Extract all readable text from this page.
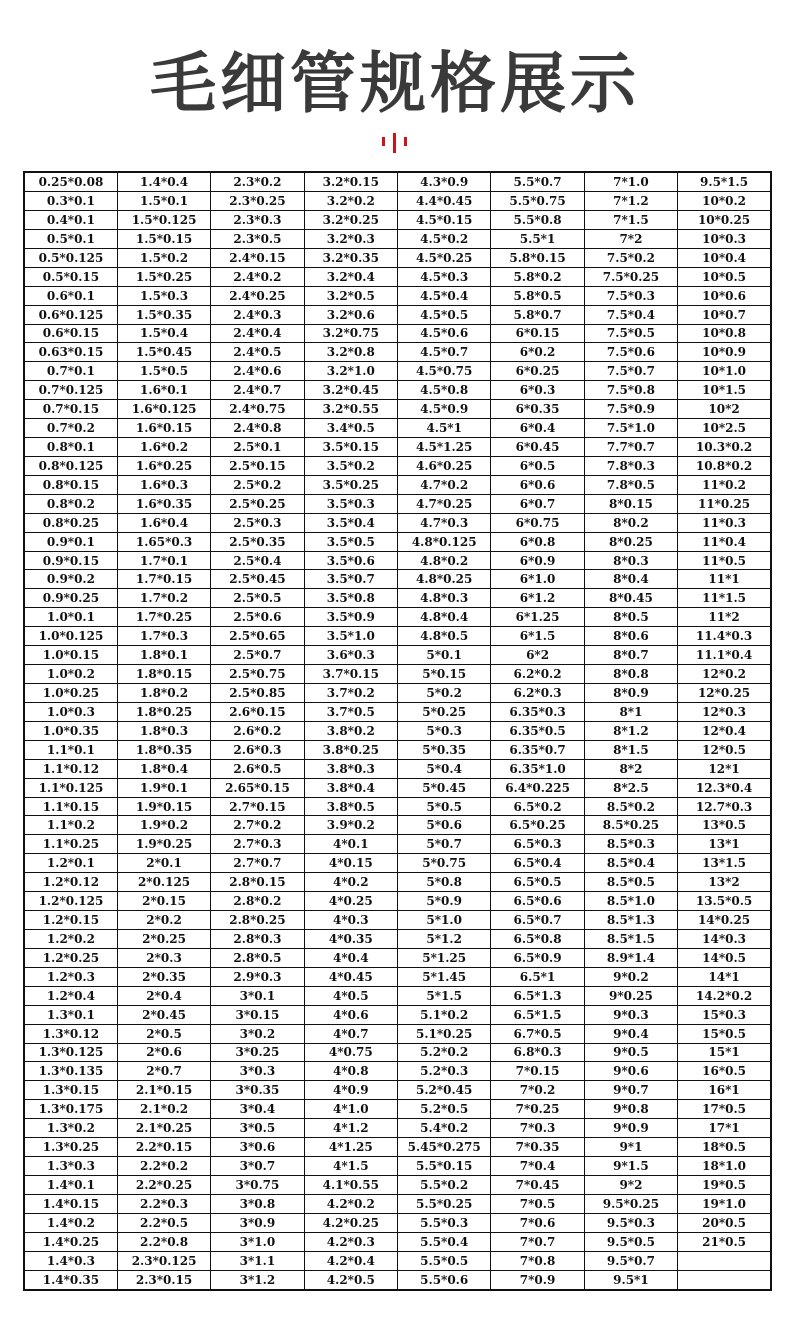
毛细管规格展示
0.25*0.08	1.4*0.4	2.3*0.2	3.2*0.15	4.3*0.9	5.5*0.7	7*1.0	9.5*1.5
0.3*0.1	1.5*0.1	2.3*0.25	3.2*0.2	4.4*0.45	5.5*0.75	7*1.2	10*0.2
0.4*0.1	1.5*0.125	2.3*0.3	3.2*0.25	4.5*0.15	5.5*0.8	7*1.5	10*0.25
0.5*0.1	1.5*0.15	2.3*0.5	3.2*0.3	4.5*0.2	5.5*1	7*2	10*0.3
0.5*0.125	1.5*0.2	2.4*0.15	3.2*0.35	4.5*0.25	5.8*0.15	7.5*0.2	10*0.4
0.5*0.15	1.5*0.25	2.4*0.2	3.2*0.4	4.5*0.3	5.8*0.2	7.5*0.25	10*0.5
0.6*0.1	1.5*0.3	2.4*0.25	3.2*0.5	4.5*0.4	5.8*0.5	7.5*0.3	10*0.6
0.6*0.125	1.5*0.35	2.4*0.3	3.2*0.6	4.5*0.5	5.8*0.7	7.5*0.4	10*0.7
0.6*0.15	1.5*0.4	2.4*0.4	3.2*0.75	4.5*0.6	6*0.15	7.5*0.5	10*0.8
0.63*0.15	1.5*0.45	2.4*0.5	3.2*0.8	4.5*0.7	6*0.2	7.5*0.6	10*0.9
0.7*0.1	1.5*0.5	2.4*0.6	3.2*1.0	4.5*0.75	6*0.25	7.5*0.7	10*1.0
0.7*0.125	1.6*0.1	2.4*0.7	3.2*0.45	4.5*0.8	6*0.3	7.5*0.8	10*1.5
0.7*0.15	1.6*0.125	2.4*0.75	3.2*0.55	4.5*0.9	6*0.35	7.5*0.9	10*2
0.7*0.2	1.6*0.15	2.4*0.8	3.4*0.5	4.5*1	6*0.4	7.5*1.0	10*2.5
0.8*0.1	1.6*0.2	2.5*0.1	3.5*0.15	4.5*1.25	6*0.45	7.7*0.7	10.3*0.2
0.8*0.125	1.6*0.25	2.5*0.15	3.5*0.2	4.6*0.25	6*0.5	7.8*0.3	10.8*0.2
0.8*0.15	1.6*0.3	2.5*0.2	3.5*0.25	4.7*0.2	6*0.6	7.8*0.5	11*0.2
0.8*0.2	1.6*0.35	2.5*0.25	3.5*0.3	4.7*0.25	6*0.7	8*0.15	11*0.25
0.8*0.25	1.6*0.4	2.5*0.3	3.5*0.4	4.7*0.3	6*0.75	8*0.2	11*0.3
0.9*0.1	1.65*0.3	2.5*0.35	3.5*0.5	4.8*0.125	6*0.8	8*0.25	11*0.4
0.9*0.15	1.7*0.1	2.5*0.4	3.5*0.6	4.8*0.2	6*0.9	8*0.3	11*0.5
0.9*0.2	1.7*0.15	2.5*0.45	3.5*0.7	4.8*0.25	6*1.0	8*0.4	11*1
0.9*0.25	1.7*0.2	2.5*0.5	3.5*0.8	4.8*0.3	6*1.2	8*0.45	11*1.5
1.0*0.1	1.7*0.25	2.5*0.6	3.5*0.9	4.8*0.4	6*1.25	8*0.5	11*2
1.0*0.125	1.7*0.3	2.5*0.65	3.5*1.0	4.8*0.5	6*1.5	8*0.6	11.4*0.3
1.0*0.15	1.8*0.1	2.5*0.7	3.6*0.3	5*0.1	6*2	8*0.7	11.1*0.4
1.0*0.2	1.8*0.15	2.5*0.75	3.7*0.15	5*0.15	6.2*0.2	8*0.8	12*0.2
1.0*0.25	1.8*0.2	2.5*0.85	3.7*0.2	5*0.2	6.2*0.3	8*0.9	12*0.25
1.0*0.3	1.8*0.25	2.6*0.15	3.7*0.5	5*0.25	6.35*0.3	8*1	12*0.3
1.0*0.35	1.8*0.3	2.6*0.2	3.8*0.2	5*0.3	6.35*0.5	8*1.2	12*0.4
1.1*0.1	1.8*0.35	2.6*0.3	3.8*0.25	5*0.35	6.35*0.7	8*1.5	12*0.5
1.1*0.12	1.8*0.4	2.6*0.5	3.8*0.3	5*0.4	6.35*1.0	8*2	12*1
1.1*0.125	1.9*0.1	2.65*0.15	3.8*0.4	5*0.45	6.4*0.225	8*2.5	12.3*0.4
1.1*0.15	1.9*0.15	2.7*0.15	3.8*0.5	5*0.5	6.5*0.2	8.5*0.2	12.7*0.3
1.1*0.2	1.9*0.2	2.7*0.2	3.9*0.2	5*0.6	6.5*0.25	8.5*0.25	13*0.5
1.1*0.25	1.9*0.25	2.7*0.3	4*0.1	5*0.7	6.5*0.3	8.5*0.3	13*1
1.2*0.1	2*0.1	2.7*0.7	4*0.15	5*0.75	6.5*0.4	8.5*0.4	13*1.5
1.2*0.12	2*0.125	2.8*0.15	4*0.2	5*0.8	6.5*0.5	8.5*0.5	13*2
1.2*0.125	2*0.15	2.8*0.2	4*0.25	5*0.9	6.5*0.6	8.5*1.0	13.5*0.5
1.2*0.15	2*0.2	2.8*0.25	4*0.3	5*1.0	6.5*0.7	8.5*1.3	14*0.25
1.2*0.2	2*0.25	2.8*0.3	4*0.35	5*1.2	6.5*0.8	8.5*1.5	14*0.3
1.2*0.25	2*0.3	2.8*0.5	4*0.4	5*1.25	6.5*0.9	8.9*1.4	14*0.5
1.2*0.3	2*0.35	2.9*0.3	4*0.45	5*1.45	6.5*1	9*0.2	14*1
1.2*0.4	2*0.4	3*0.1	4*0.5	5*1.5	6.5*1.3	9*0.25	14.2*0.2
1.3*0.1	2*0.45	3*0.15	4*0.6	5.1*0.2	6.5*1.5	9*0.3	15*0.3
1.3*0.12	2*0.5	3*0.2	4*0.7	5.1*0.25	6.7*0.5	9*0.4	15*0.5
1.3*0.125	2*0.6	3*0.25	4*0.75	5.2*0.2	6.8*0.3	9*0.5	15*1
1.3*0.135	2*0.7	3*0.3	4*0.8	5.2*0.3	7*0.15	9*0.6	16*0.5
1.3*0.15	2.1*0.15	3*0.35	4*0.9	5.2*0.45	7*0.2	9*0.7	16*1
1.3*0.175	2.1*0.2	3*0.4	4*1.0	5.2*0.5	7*0.25	9*0.8	17*0.5
1.3*0.2	2.1*0.25	3*0.5	4*1.2	5.4*0.2	7*0.3	9*0.9	17*1
1.3*0.25	2.2*0.15	3*0.6	4*1.25	5.45*0.275	7*0.35	9*1	18*0.5
1.3*0.3	2.2*0.2	3*0.7	4*1.5	5.5*0.15	7*0.4	9*1.5	18*1.0
1.4*0.1	2.2*0.25	3*0.75	4.1*0.55	5.5*0.2	7*0.45	9*2	19*0.5
1.4*0.15	2.2*0.3	3*0.8	4.2*0.2	5.5*0.25	7*0.5	9.5*0.25	19*1.0
1.4*0.2	2.2*0.5	3*0.9	4.2*0.25	5.5*0.3	7*0.6	9.5*0.3	20*0.5
1.4*0.25	2.2*0.8	3*1.0	4.2*0.3	5.5*0.4	7*0.7	9.5*0.5	21*0.5
1.4*0.3	2.3*0.125	3*1.1	4.2*0.4	5.5*0.5	7*0.8	9.5*0.7	
1.4*0.35	2.3*0.15	3*1.2	4.2*0.5	5.5*0.6	7*0.9	9.5*1	
